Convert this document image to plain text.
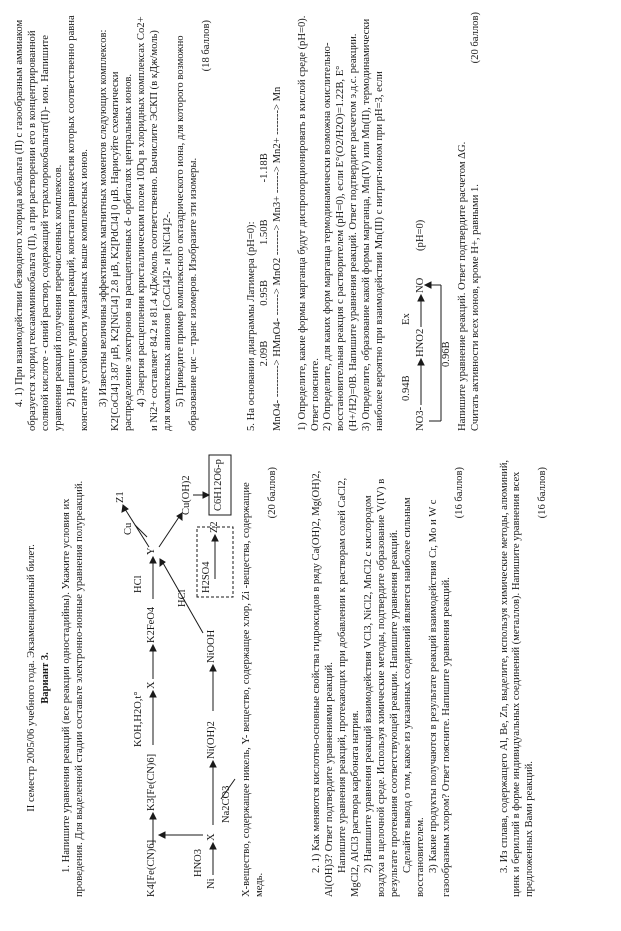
II семестр 2005/06 учебного года. Экзаменационный билет. Вариант 3. 1. Напишите уравнения реакций (все реакции одностадийны). Укажите условия их проведения. Для выделенной стадии составьте электронно-ионные уравнения полуреакций.	K4[Fe(CN)6]
K3[Fe(CN)6]
KOH,H2O,t°
X
K2FeO4
HCl
Y
Cu
Z1
HCl
Ni
HNO3
X
Ni(OH)2
NiOOH
Cu(OH)2
Na2CO3
H2SO4
Z2
C6H12O6-p X-вещество, содержащее никель, Y- вещество, содержащее хлор, Zi -вещества, содержащие медь.

(20 баллов)	2. 1) Как меняются кислотно-основные свойства гидроксидов в ряду Ca(OH)2, Mg(OH)2, Al(OH)3? Ответ подтвердите уравнениями реакций. Напишите уравнения реакций, протекающих при добавлении к растворам солей CaCl2, MgCl2, AlCl3 раствора карбоната натрия. 2) Напишите уравнения реакций взаимодействия VCl3, NiCl2, MnCl2 с кислородом воздуха в щелочной среде. Используя химические методы, подтвердите образование V(IV) в результате протекания соответствующей реакции. Напишите уравнения реакций. Сделайте вывод о том, какое из указанных соединений является наиболее сильным восстановителем. 3) Какие продукты получаются в результате реакций взаимодействия Cr, Mo и W с газообразным хлором? Ответ поясните. Напишите уравнения реакций.

(16 баллов)	3. Из сплава, содержащего Al, Be, Zn, выделите, используя химические методы, алюминий, цинк и бериллий в форме индивидуальных соединений (металлов). Напишите уравнения всех предложенных Вами реакций.

(16 баллов)

4. 1) При взаимодействии безводного хлорида кобальта (II) с газообразным аммиаком образуется хлорид гексаамминкобальта (II), а при растворении его в концентрированной соляной кислоте - синий раствор, содержащий тетрахлорокобальтат(II)- ион. Напишите уравнения реакций получения перечисленных комплексов. 2) Напишите уравнения реакций, константа равновесия которых соответственно равна константе устойчивости указанных выше комплексных ионов. 3) Известны величины эффективных магнитных моментов следующих комплексов: K2[CoCl4] 3.87 μB, K2[NiCl4] 2.8 μB, K2[PdCl4] 0 μB. Нарисуйте схематически распределение электронов на расщепленных d- орбиталях центральных ионов. 4) Энергия расщепления кристаллическим полем 10Dq в хлоридных комплексах Co2+ и Ni2+ составляет 84.2 и 81.4 кДж/моль соответственно. Вычислите ЭСКП (в кДж/моль) для комплексных анионов [CoCl4]2- и [NiCl4]2-. 5) Приведите пример комплексного октаэдрического иона, для которого возможно образование цис – транс изомеров. Изобразите эти изомеры.

(18 баллов)

5. На основании диаграммы Латимера (pH=0): 2.09B 0.95B 1.50B -1.18B
MnO4- ---------> HMnO4- ------> MnO2 -------> Mn3+ ------> Mn2+ -------> Mn 1) Определите, какие формы марганца будут диспропорционировать в кислой среде (pH=0). Ответ поясните. 2) Определите, для каких форм марганца термодинамически возможна окислительно-восстановительная реакция с растворителем (pH=0), если E°(O2/H2O)=1.22B, E°(H+/H2)=0B. Напишите уравнения реакций. Ответ подтвердите расчетом э.д.с. реакции. 3) Определите, образование какой формы марганца, Mn(IV) или Mn(II), термодинамически наиболее вероятно при взаимодействии Mn(III) с нитрит-ионом при pH=3, если 0.94B
Ex
NO3-
HNO2
NO
(pH=0)
0.96B Напишите уравнение реакций. Ответ подтвердите расчетом ΔG. Считать активности всех ионов, кроме H+, равными 1.
(20 баллов)
